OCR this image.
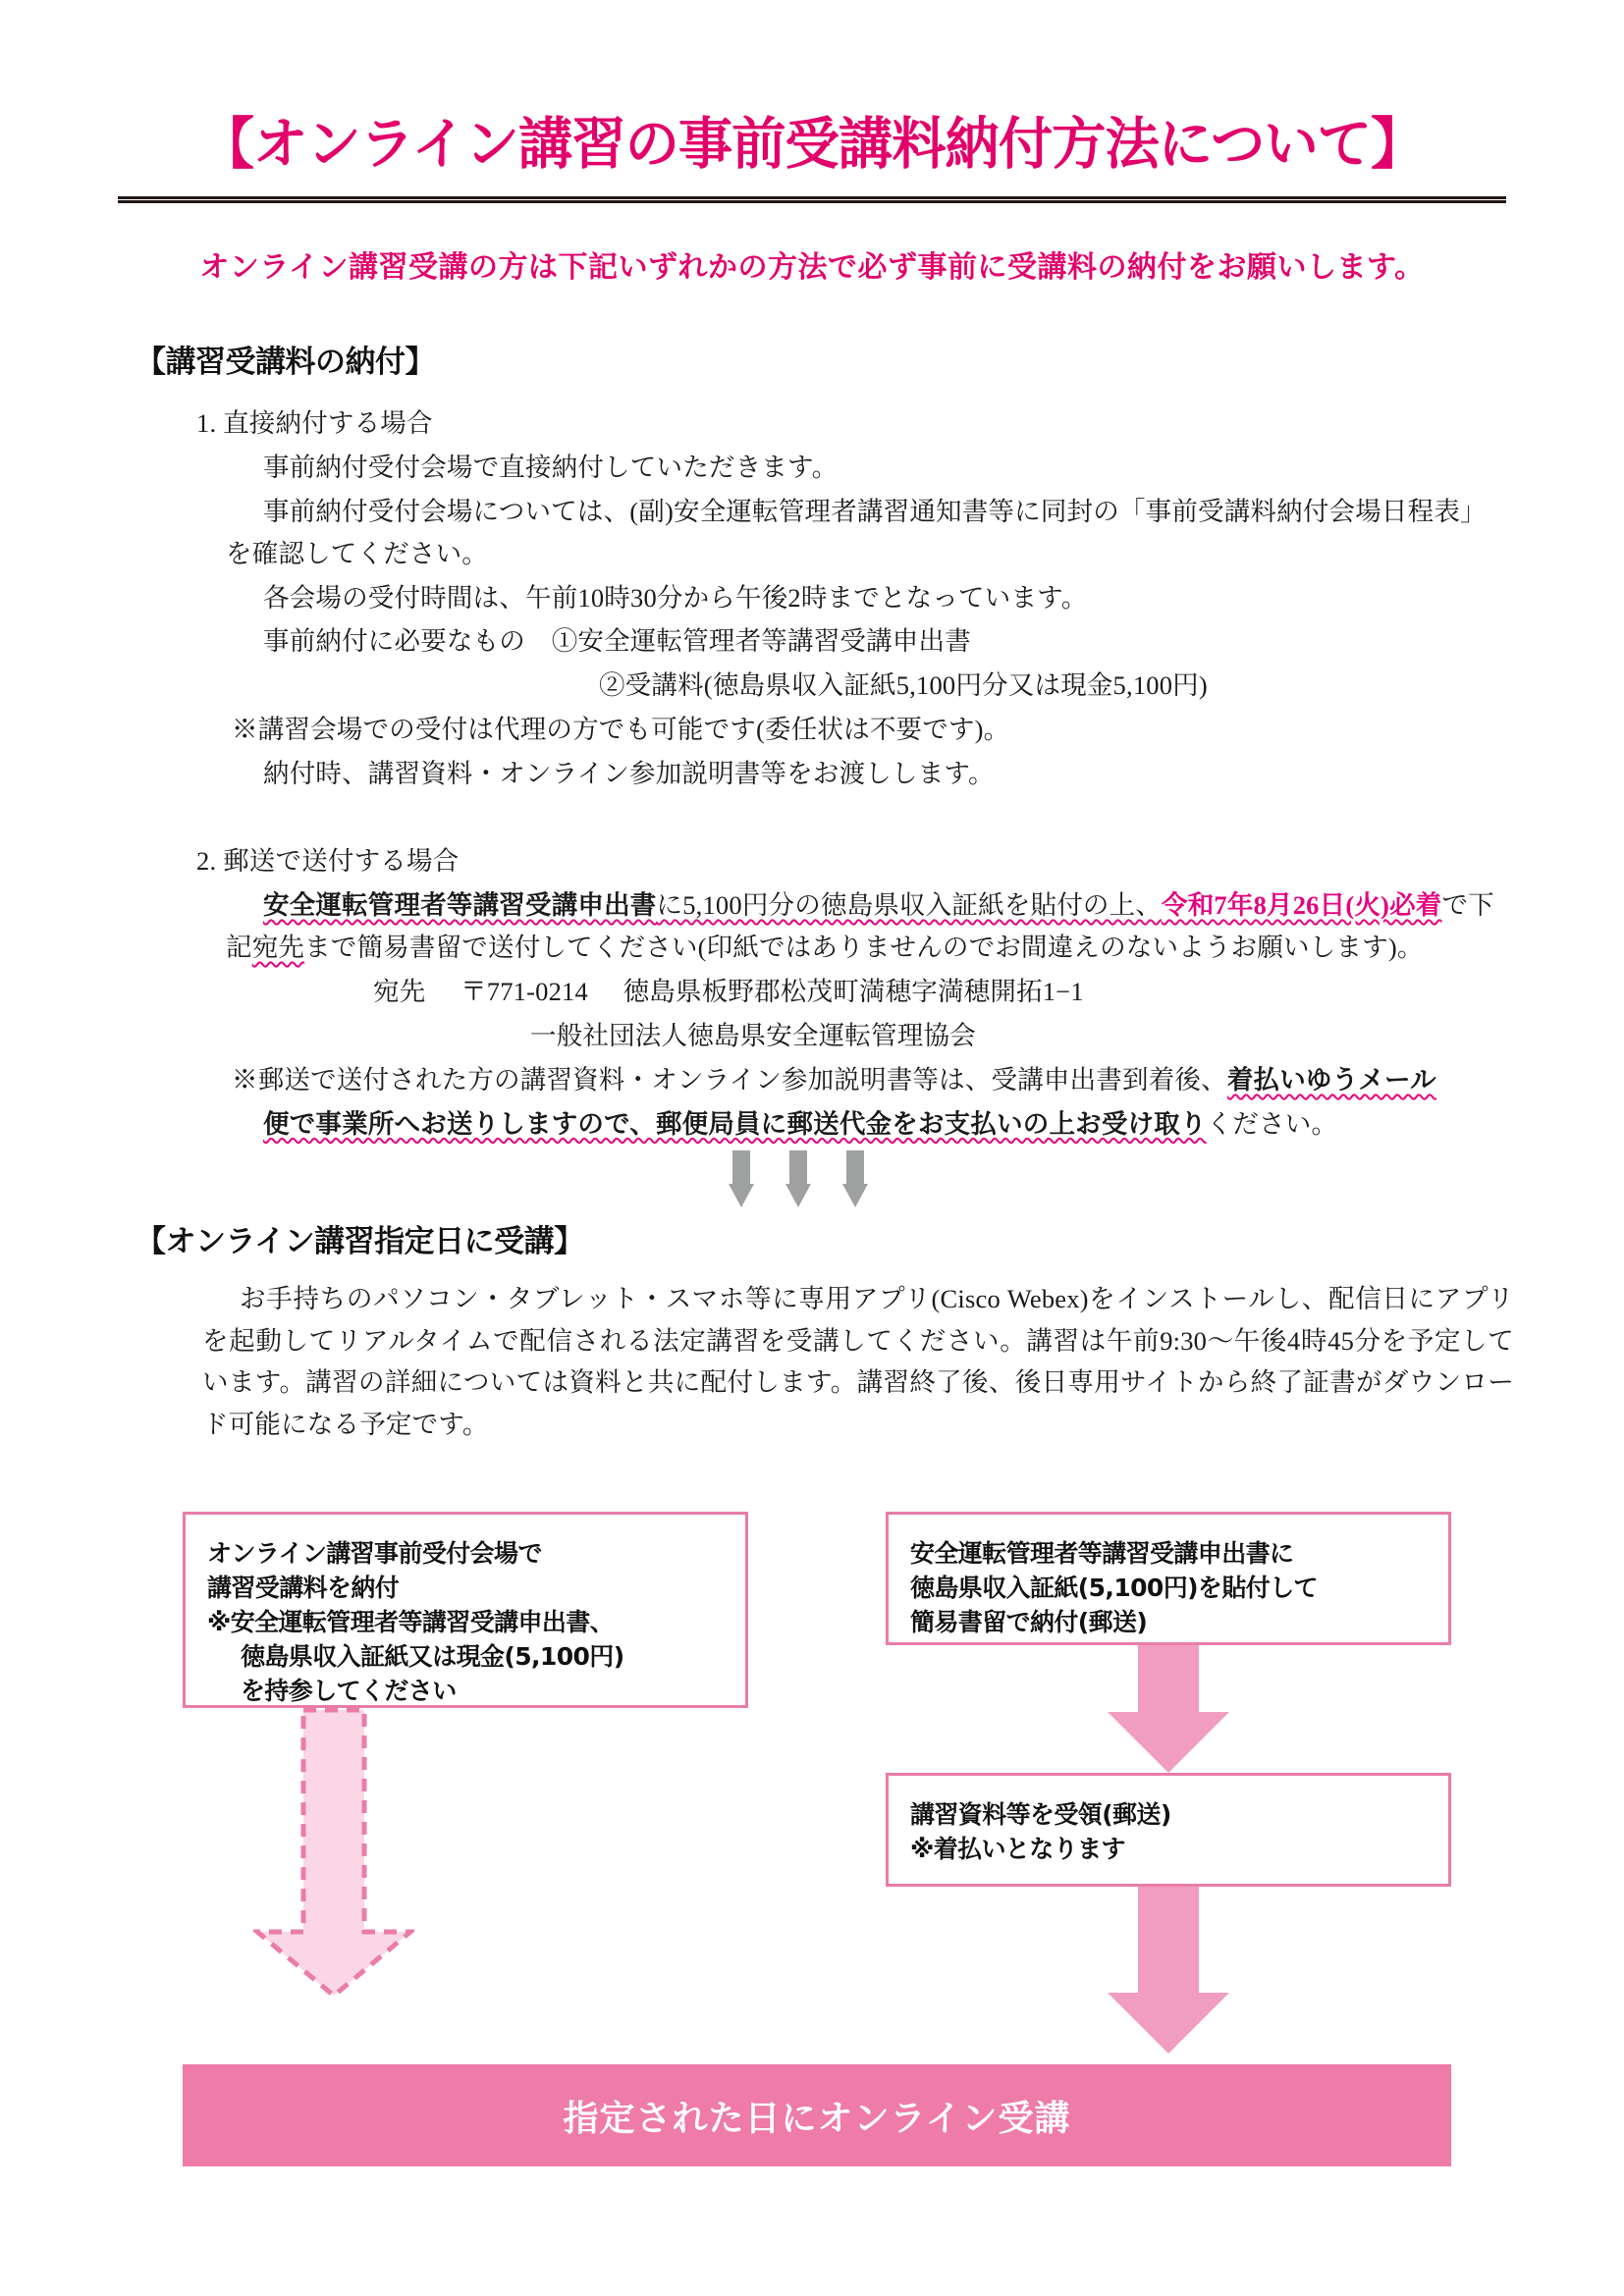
【オンライン講習の事前受講料納付方法について】
オンライン講習受講の方は下記いずれかの方法で必ず事前に受講料の納付をお願いします。
【講習受講料の納付】
1. 直接納付する場合
事前納付受付会場で直接納付していただきます。
事前納付受付会場については、(副)安全運転管理者講習通知書等に同封の「事前受講料納付会場日程表」を確認してください。
各会場の受付時間は、午前10時30分から午後2時までとなっています。
事前納付に必要なもの　①安全運転管理者等講習受講申出書
②受講料(徳島県収入証紙5,100円分又は現金5,100円)
※講習会場での受付は代理の方でも可能です(委任状は不要です)。
納付時、講習資料・オンライン参加説明書等をお渡しします。
2. 郵送で送付する場合
安全運転管理者等講習受講申出書に5,100円分の徳島県収入証紙を貼付の上、令和7年8月26日(火)必着で下記宛先まで簡易書留で送付してください(印紙ではありませんのでお間違えのないようお願いします)。
宛先 〒771-0214 徳島県板野郡松茂町満穂字満穂開拓1−1
一般社団法人徳島県安全運転管理協会
※郵送で送付された方の講習資料・オンライン参加説明書等は、受講申出書到着後、着払いゆうメール
便で事業所へお送りしますので、郵便局員に郵送代金をお支払いの上お受け取りください。
【オンライン講習指定日に受講】
お手持ちのパソコン・タブレット・スマホ等に専用アプリ(Cisco Webex)をインストールし、配信日にアプリを起動してリアルタイムで配信される法定講習を受講してください。講習は午前9:30〜午後4時45分を予定しています。講習の詳細については資料と共に配付します。講習終了後、後日専用サイトから終了証書がダウンロード可能になる予定です。
オンライン講習事前受付会場で
講習受講料を納付
※安全運転管理者等講習受講申出書、
徳島県収入証紙又は現金(5,100円)
を持参してください
安全運転管理者等講習受講申出書に
徳島県収入証紙(5,100円)を貼付して
簡易書留で納付(郵送)
講習資料等を受領(郵送)
※着払いとなります
指定された日にオンライン受講
